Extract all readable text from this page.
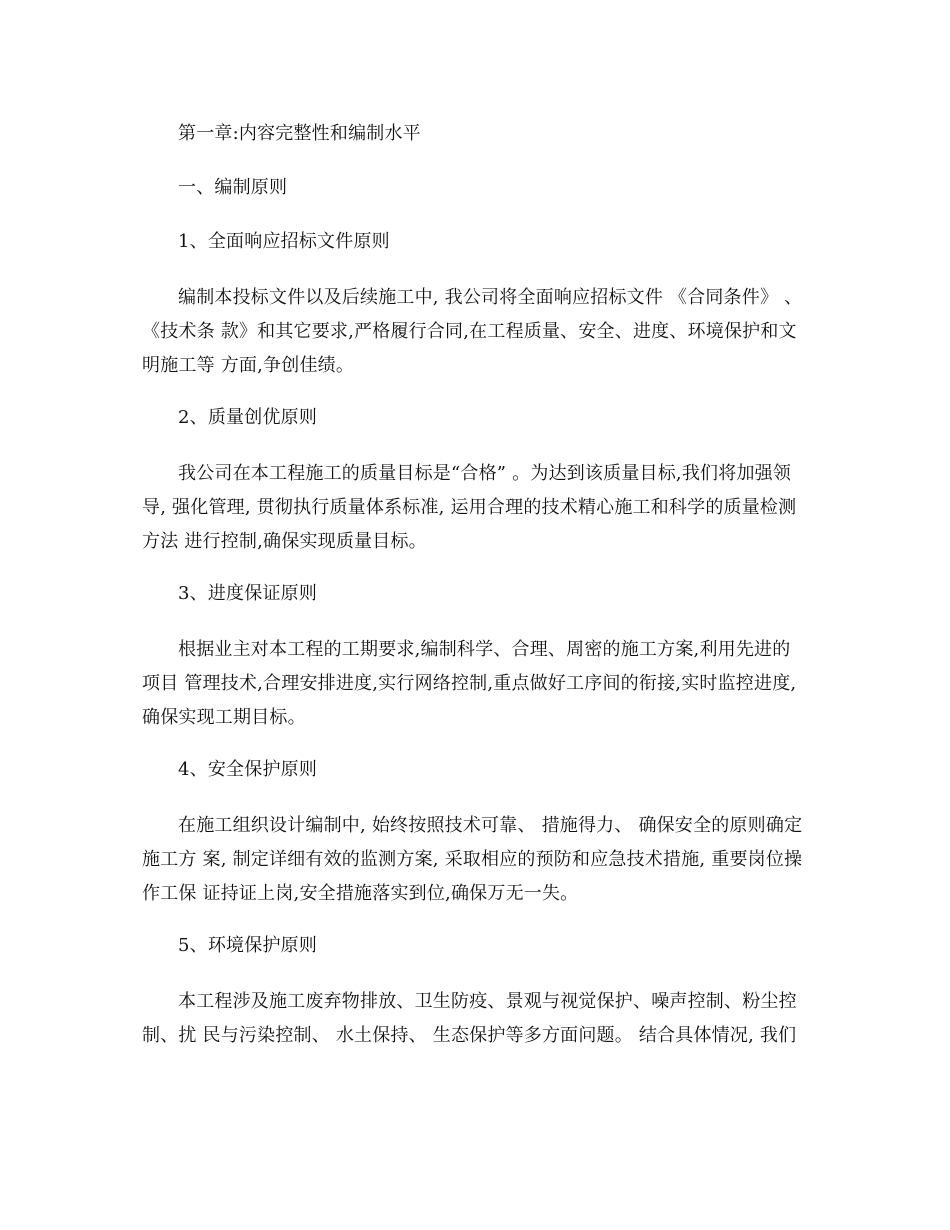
第一章:内容完整性和编制水平
一、编制原则
1、全面响应招标文件原则
编制本投标文件以及后续施工中, 我公司将全面响应招标文件 《合同条件》 、
《技术条 款》和其它要求,严格履行合同,在工程质量、安全、进度、环境保护和文
明施工等 方面,争创佳绩。
2、质量创优原则
我公司在本工程施工的质量目标是“合格” 。为达到该质量目标,我们将加强领
导, 强化管理, 贯彻执行质量体系标准, 运用合理的技术精心施工和科学的质量检测
方法 进行控制,确保实现质量目标。
3、进度保证原则
根据业主对本工程的工期要求,编制科学、合理、周密的施工方案,利用先进的
项目 管理技术,合理安排进度,实行网络控制,重点做好工序间的衔接,实时监控进度,
确保实现工期目标。
4、安全保护原则
在施工组织设计编制中, 始终按照技术可靠、 措施得力、 确保安全的原则确定
施工方 案, 制定详细有效的监测方案, 采取相应的预防和应急技术措施, 重要岗位操
作工保 证持证上岗,安全措施落实到位,确保万无一失。
5、环境保护原则
本工程涉及施工废弃物排放、卫生防疫、景观与视觉保护、噪声控制、粉尘控
制、扰 民与污染控制、 水土保持、 生态保护等多方面问题。 结合具体情况, 我们
